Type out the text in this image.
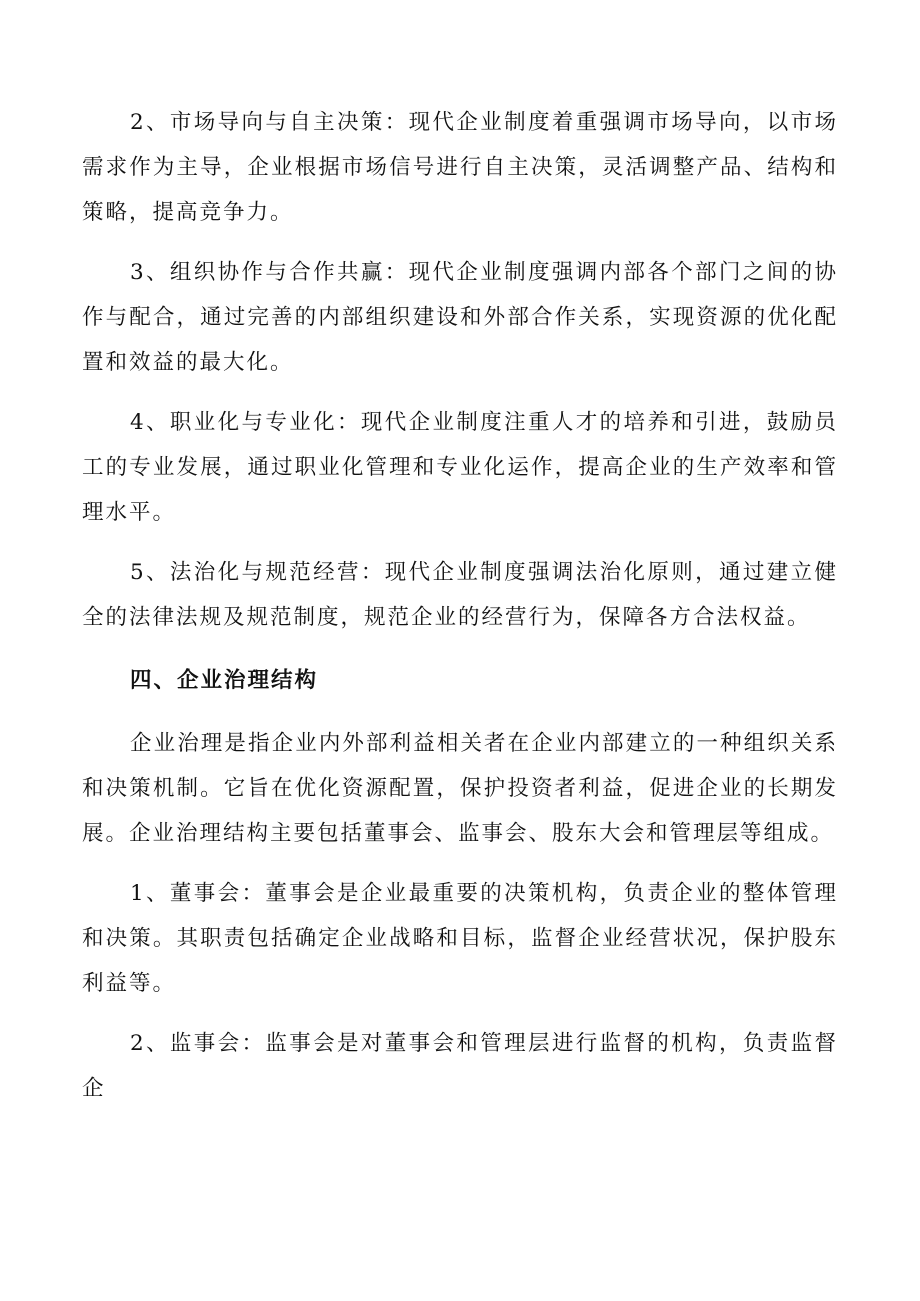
2、市场导向与自主决策：现代企业制度着重强调市场导向，以市场需求作为主导，企业根据市场信号进行自主决策，灵活调整产品、结构和策略，提高竞争力。

3、组织协作与合作共赢：现代企业制度强调内部各个部门之间的协作与配合，通过完善的内部组织建设和外部合作关系，实现资源的优化配置和效益的最大化。

4、职业化与专业化：现代企业制度注重人才的培养和引进，鼓励员工的专业发展，通过职业化管理和专业化运作，提高企业的生产效率和管理水平。

5、法治化与规范经营：现代企业制度强调法治化原则，通过建立健全的法律法规及规范制度，规范企业的经营行为，保障各方合法权益。

四、企业治理结构

企业治理是指企业内外部利益相关者在企业内部建立的一种组织关系和决策机制。它旨在优化资源配置，保护投资者利益，促进企业的长期发展。企业治理结构主要包括董事会、监事会、股东大会和管理层等组成。

1、董事会：董事会是企业最重要的决策机构，负责企业的整体管理和决策。其职责包括确定企业战略和目标，监督企业经营状况，保护股东利益等。

2、监事会：监事会是对董事会和管理层进行监督的机构，负责监督企
